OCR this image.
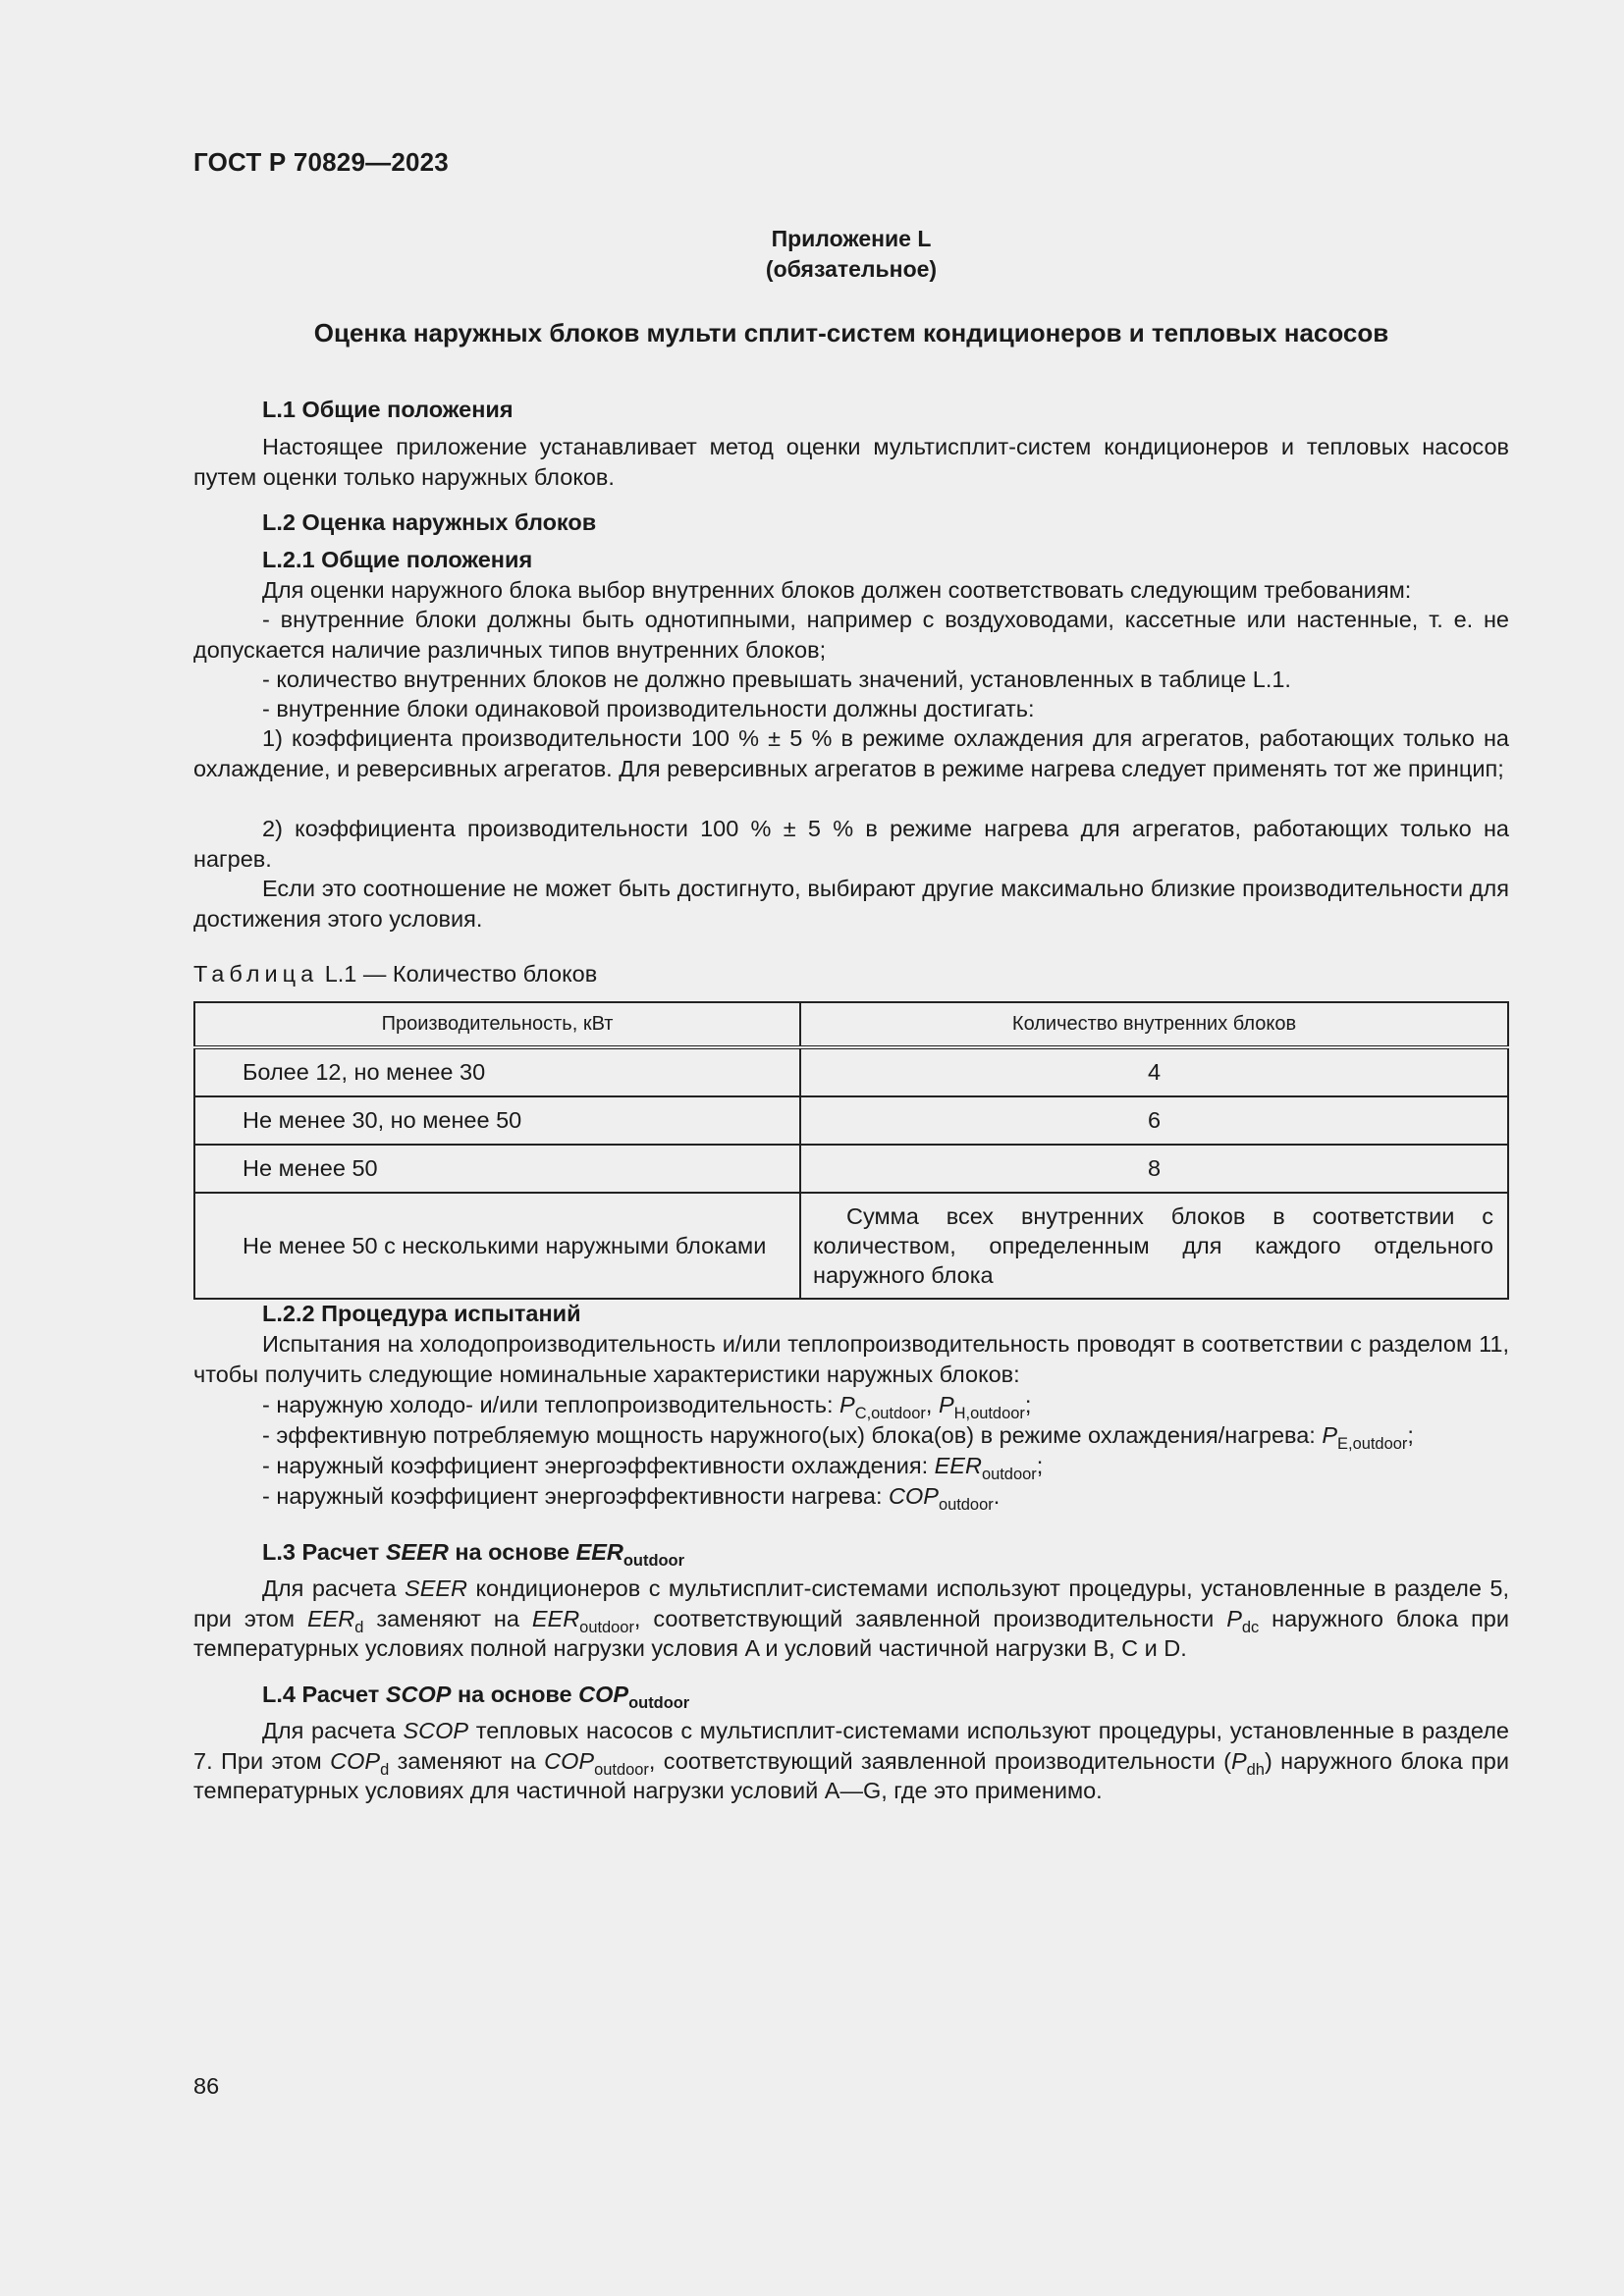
ГОСТ Р 70829—2023
Приложение L
(обязательное)
Оценка наружных блоков мульти сплит-систем кондиционеров и тепловых насосов
L.1 Общие положения
Настоящее приложение устанавливает метод оценки мультисплит-систем кондиционеров и тепловых насосов путем оценки только наружных блоков.
L.2 Оценка наружных блоков
L.2.1 Общие положения
Для оценки наружного блока выбор внутренних блоков должен соответствовать следующим требованиям:
- внутренние блоки должны быть однотипными, например с воздуховодами, кассетные или настенные, т. е. не допускается наличие различных типов внутренних блоков;
- количество внутренних блоков не должно превышать значений, установленных в таблице L.1.
- внутренние блоки одинаковой производительности должны достигать:
1) коэффициента производительности 100 % ± 5 % в режиме охлаждения для агрегатов, работающих только на охлаждение, и реверсивных агрегатов. Для реверсивных агрегатов в режиме нагрева следует применять тот же принцип;
2) коэффициента производительности 100 % ± 5 % в режиме нагрева для агрегатов, работающих только на нагрев.
Если это соотношение не может быть достигнуто, выбирают другие максимально близкие производительности для достижения этого условия.
Таблица L.1 — Количество блоков
Производительность, кВт	Количество внутренних блоков
Более 12, но менее 30	4
Не менее 30, но менее 50	6
Не менее 50	8
Не менее 50 с несколькими наружными блоками	Сумма всех внутренних блоков в соответствии с количеством, определенным для каждого отдельного наружного блока
L.2.2 Процедура испытаний
Испытания на холодопроизводительность и/или теплопроизводительность проводят в соответствии с разделом 11, чтобы получить следующие номинальные характеристики наружных блоков:
- наружную холодо- и/или теплопроизводительность: $P_{C,outdoor}$, $P_{H,outdoor}$;
- эффективную потребляемую мощность наружного(ых) блока(ов) в режиме охлаждения/нагрева: $P_{E,outdoor}$;
- наружный коэффициент энергоэффективности охлаждения: $EER_{outdoor}$;
- наружный коэффициент энергоэффективности нагрева: $COP_{outdoor}$.
L.3 Расчет SEER на основе $EER_{outdoor}$
Для расчета SEER кондиционеров с мультисплит-системами используют процедуры, установленные в разделе 5, при этом $EER_d$ заменяют на $EER_{outdoor}$, соответствующий заявленной производительности $P_{dc}$ наружного блока при температурных условиях полной нагрузки условия A и условий частичной нагрузки B, C и D.
L.4 Расчет SCOP на основе $COP_{outdoor}$
Для расчета SCOP тепловых насосов с мультисплит-системами используют процедуры, установленные в разделе 7. При этом $COP_d$ заменяют на $COP_{outdoor}$, соответствующий заявленной производительности $(P_{dh})$ наружного блока при температурных условиях для частичной нагрузки условий A—G, где это применимо.
86
